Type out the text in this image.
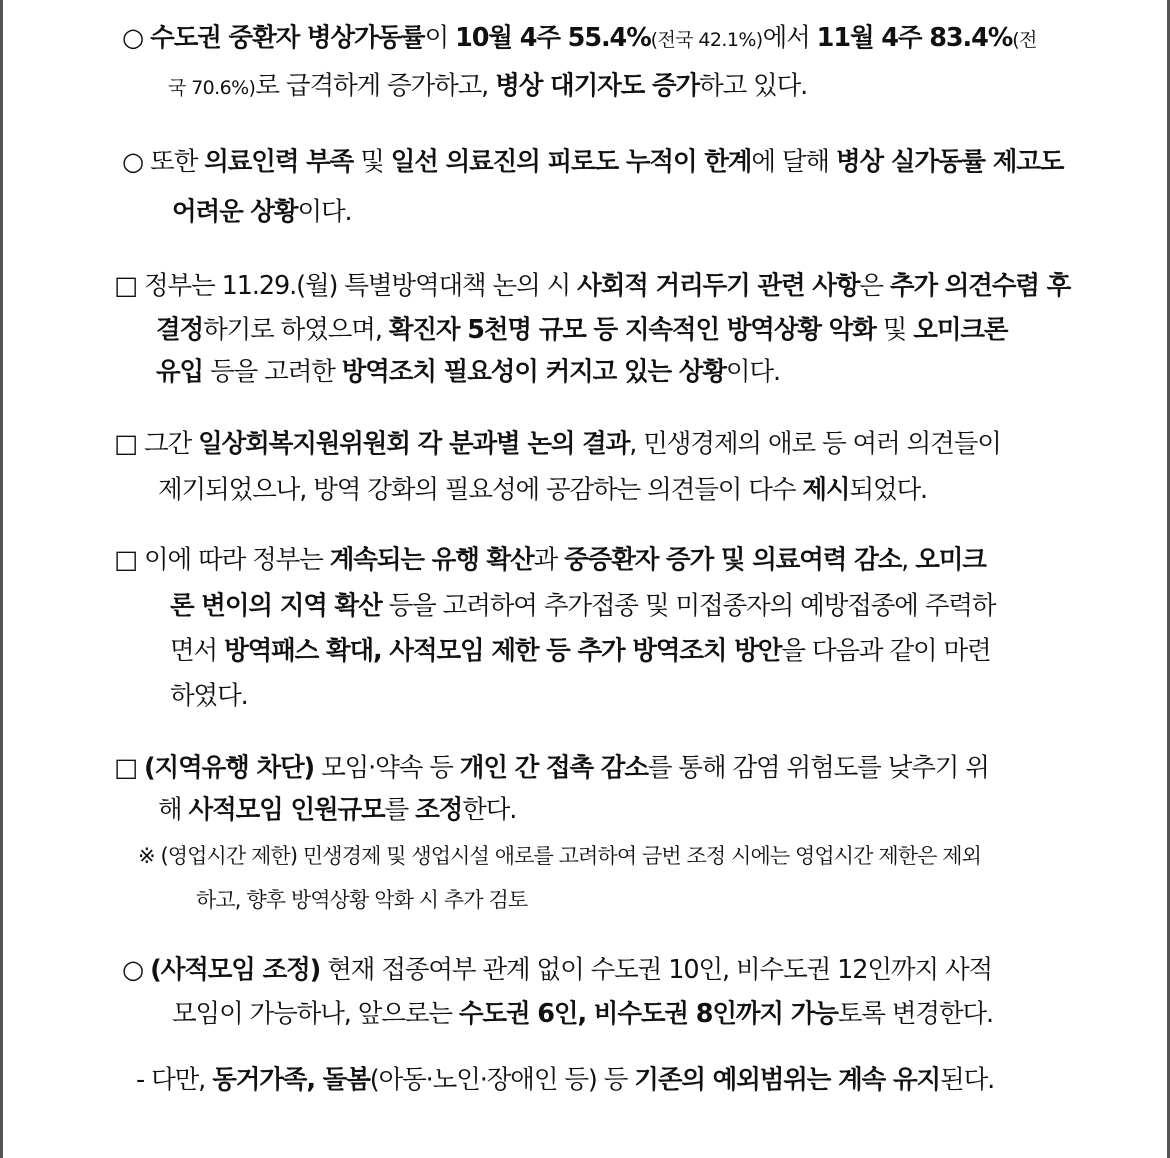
○ 수도권 중환자 병상가동률이 10월 4주 55.4%(전국 42.1%)에서 11월 4주 83.4%(전
국 70.6%)로 급격하게 증가하고, 병상 대기자도 증가하고 있다.
○ 또한 의료인력 부족 및 일선 의료진의 피로도 누적이 한계에 달해 병상 실가동률 제고도
어려운 상황이다.
□ 정부는 11.29.(월) 특별방역대책 논의 시 사회적 거리두기 관련 사항은 추가 의견수렴 후
결정하기로 하였으며, 확진자 5천명 규모 등 지속적인 방역상황 악화 및 오미크론
유입 등을 고려한 방역조치 필요성이 커지고 있는 상황이다.
□ 그간 일상회복지원위원회 각 분과별 논의 결과, 민생경제의 애로 등 여러 의견들이
제기되었으나, 방역 강화의 필요성에 공감하는 의견들이 다수 제시되었다.
□ 이에 따라 정부는 계속되는 유행 확산과 중증환자 증가 및 의료여력 감소, 오미크
론 변이의 지역 확산 등을 고려하여 추가접종 및 미접종자의 예방접종에 주력하
면서 방역패스 확대, 사적모임 제한 등 추가 방역조치 방안을 다음과 같이 마련
하였다.
□ (지역유행 차단) 모임·약속 등 개인 간 접촉 감소를 통해 감염 위험도를 낮추기 위
해 사적모임 인원규모를 조정한다.
※ (영업시간 제한) 민생경제 및 생업시설 애로를 고려하여 금번 조정 시에는 영업시간 제한은 제외
하고, 향후 방역상황 악화 시 추가 검토
○ (사적모임 조정) 현재 접종여부 관계 없이 수도권 10인, 비수도권 12인까지 사적
모임이 가능하나, 앞으로는 수도권 6인, 비수도권 8인까지 가능토록 변경한다.
- 다만, 동거가족, 돌봄(아동·노인·장애인 등) 등 기존의 예외범위는 계속 유지된다.
